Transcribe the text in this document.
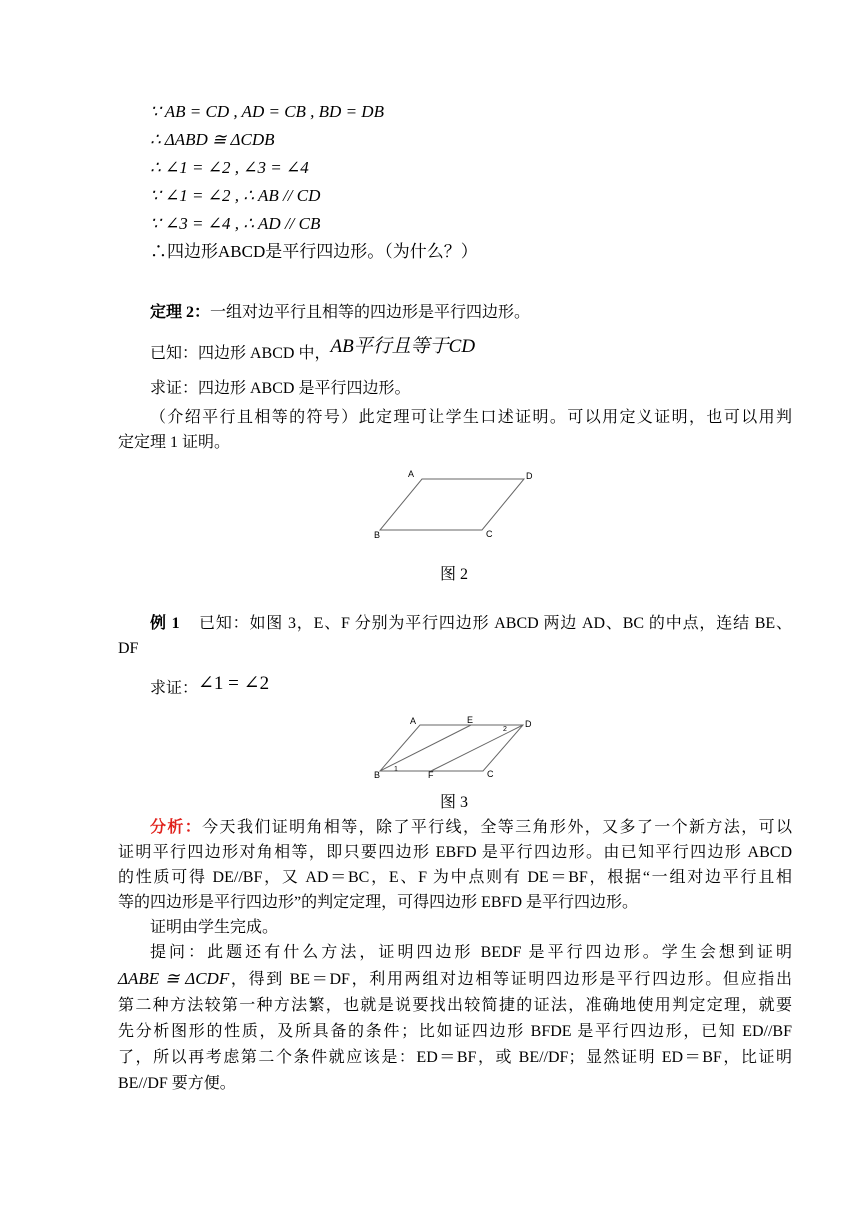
∵ AB = CD , AD = CB , BD = DB
∴ ΔABD ≅ ΔCDB
∴ ∠1 = ∠2 , ∠3 = ∠4
∵ ∠1 = ∠2 , ∴ AB // CD
∵ ∠3 = ∠4 , ∴ AD // CB
∴四边形ABCD是平行四边形。（为什么？）
定理 2：一组对边平行且相等的四边形是平行四边形。
已知：四边形 ABCD 中，AB平行且等于CD
求证：四边形 ABCD 是平行四边形。

（介绍平行且相等的符号）此定理可让学生口述证明。可以用定义证明，也可以用判

定定理 1 证明。

A	D
B	C
图 2

例 1 已知：如图 3，E、F 分别为平行四边形 ABCD 两边 AD、BC 的中点，连结 BE、

DF

求证：∠1 = ∠2
A	E	D
2
B
1
F	C
图 3

分析：今天我们证明角相等，除了平行线，全等三角形外，又多了一个新方法，可以

证明平行四边形对角相等，即只要四边形 EBFD 是平行四边形。由已知平行四边形 ABCD

的性质可得 DE//BF，又 AD＝BC，E、F 为中点则有 DE＝BF，根据“一组对边平行且相

等的四边形是平行四边形”的判定定理，可得四边形 EBFD 是平行四边形。

证明由学生完成。

提问：此题还有什么方法，证明四边形 BEDF 是平行四边形。学生会想到证明

ΔABE ≅ ΔCDF，得到 BE＝DF，利用两组对边相等证明四边形是平行四边形。但应指出

第二种方法较第一种方法繁，也就是说要找出较简捷的证法，准确地使用判定定理，就要

先分析图形的性质，及所具备的条件；比如证四边形 BFDE 是平行四边形，已知 ED//BF

了，所以再考虑第二个条件就应该是：ED＝BF，或 BE//DF；显然证明 ED＝BF，比证明

BE//DF 要方便。
